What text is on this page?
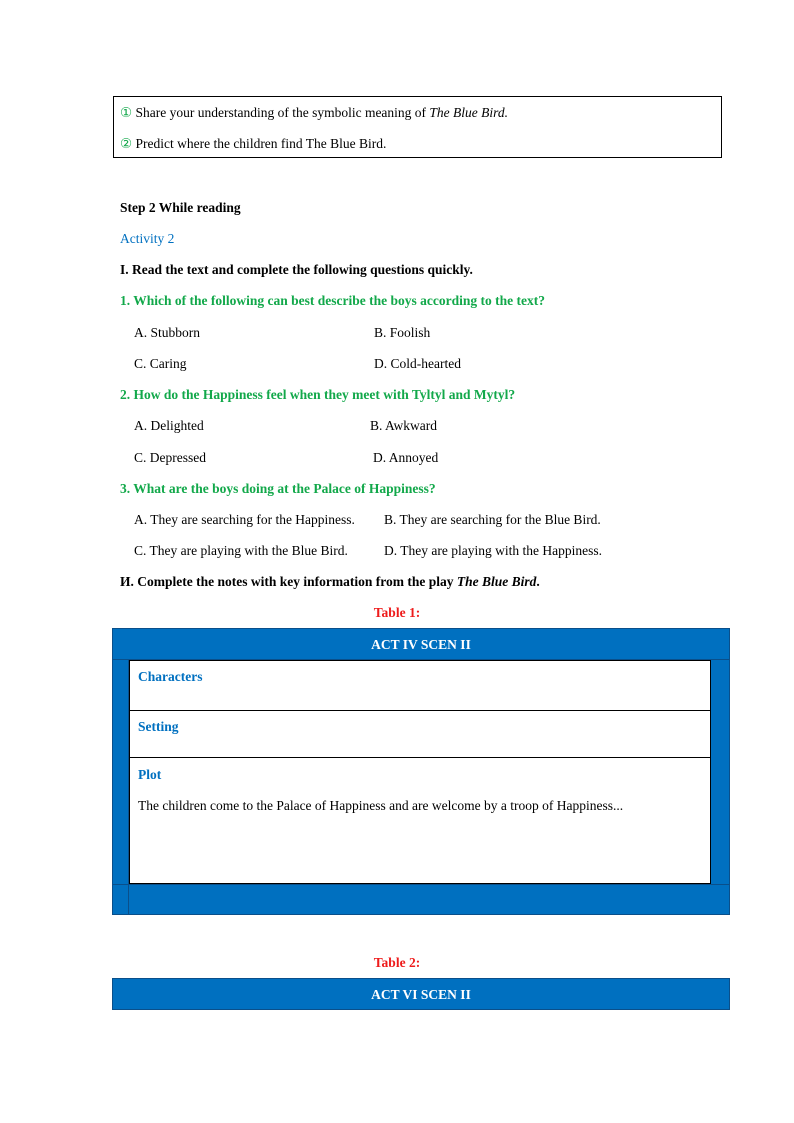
① Share your understanding of the symbolic meaning of The Blue Bird.
② Predict where the children find The Blue Bird.
Step 2 While reading
Activity 2
I. Read the text and complete the following questions quickly.
1. Which of the following can best describe the boys according to the text?
A. Stubborn	B. Foolish
C. Caring	D. Cold-hearted
2. How do the Happiness feel when they meet with Tyltyl and Mytyl?
A. Delighted	B. Awkward
C. Depressed	D. Annoyed
3. What are the boys doing at the Palace of Happiness?
A. They are searching for the Happiness. B. They are searching for the Blue Bird.
C. They are playing with the Blue Bird.	D. They are playing with the Happiness.
И. Complete the notes with key information from the play The Blue Bird.
Table 1:
ACT IV SCEN II
Characters
Setting
Plot
The children come to the Palace of Happiness and are welcome by a troop of Happiness...
Table 2:
ACT VI SCEN II
